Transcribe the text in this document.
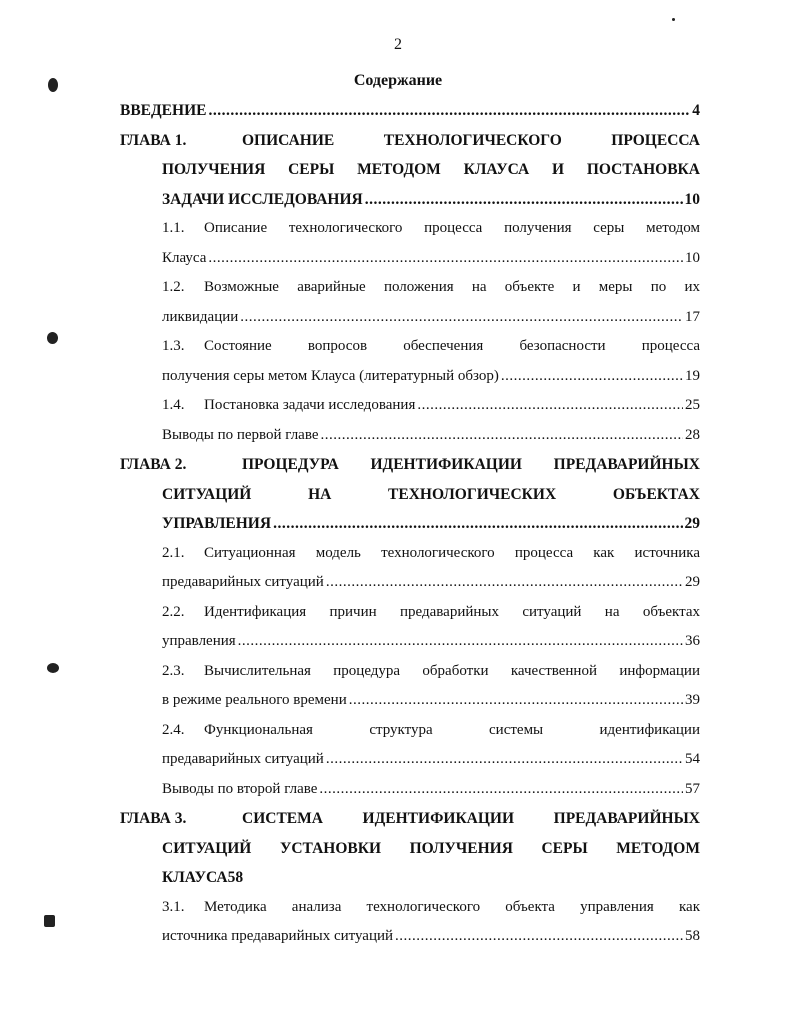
2
Содержание
ВВЕДЕНИЕ .....	4
ГЛАВА 1.	ОПИСАНИЕ ТЕХНОЛОГИЧЕСКОГО ПРОЦЕССА
ПОЛУЧЕНИЯ СЕРЫ МЕТОДОМ КЛАУСА И ПОСТАНОВКА
ЗАДАЧИ ИССЛЕДОВАНИЯ .....	10
1.1.	Описание технологического процесса получения серы методом
Клауса .....	10
1.2.	Возможные аварийные положения на объекте и меры по их
ликвидации .....	17
1.3.	Состояние вопросов обеспечения безопасности процесса
получения серы метом Клауса (литературный обзор) .....	19
1.4.	Постановка задачи исследования .....	25
Выводы по первой главе .....	28
ГЛАВА 2.	ПРОЦЕДУРА ИДЕНТИФИКАЦИИ ПРЕДАВАРИЙНЫХ
СИТУАЦИЙ НА ТЕХНОЛОГИЧЕСКИХ ОБЪЕКТАХ
УПРАВЛЕНИЯ .....	29
2.1.	Ситуационная модель технологического процесса как источника
предаварийных ситуаций .....	29
2.2.	Идентификация причин предаварийных ситуаций на объектах
управления .....	36
2.3.	Вычислительная процедура обработки качественной информации
в режиме реального времени .....	39
2.4.	Функциональная структура системы идентификации
предаварийных ситуаций .....	54
Выводы по второй главе .....	57
ГЛАВА 3.	СИСТЕМА ИДЕНТИФИКАЦИИ ПРЕДАВАРИЙНЫХ
СИТУАЦИЙ УСТАНОВКИ ПОЛУЧЕНИЯ СЕРЫ МЕТОДОМ
КЛАУСА58
3.1.	Методика анализа технологического объекта управления как
источника предаварийных ситуаций .....	58
